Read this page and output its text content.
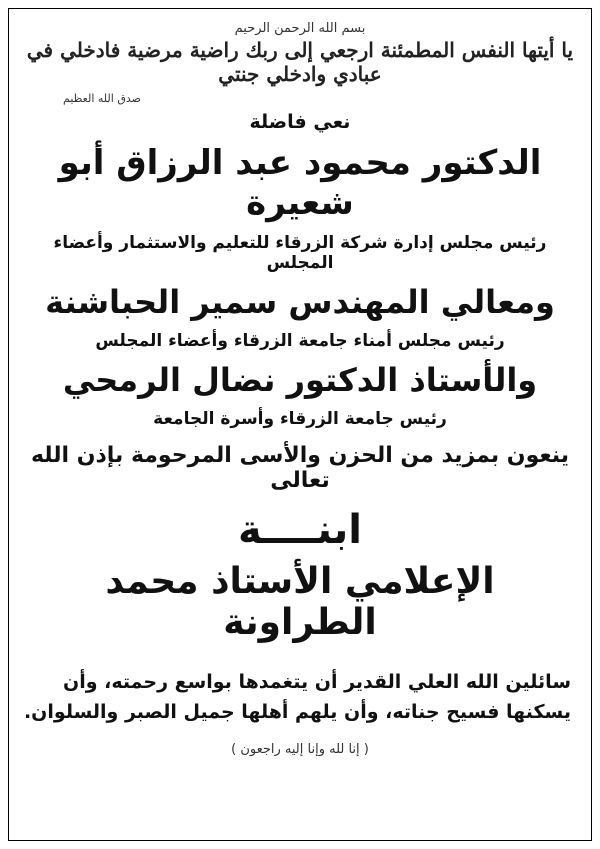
بسم الله الرحمن الرحيم
يا أيتها النفس المطمئنة ارجعي إلى ربك راضية مرضية فادخلي في عبادي وادخلي جنتي
صدق الله العظيم
نعي فاضلة
الدكتور محمود عبد الرزاق أبو شعيرة
رئيس مجلس إدارة شركة الزرقاء للتعليم والاستثمار وأعضاء المجلس
ومعالي المهندس سمير الحباشنة
رئيس مجلس أمناء جامعة الزرقاء وأعضاء المجلس
والأستاذ الدكتور نضال الرمحي
رئيس جامعة الزرقاء وأسرة الجامعة
ينعون بمزيد من الحزن والأسى المرحومة بإذن الله تعالى
ابنــــة
الإعلامي الأستاذ محمد الطراونة
سائلين الله العلي القدير أن يتغمدها بواسع رحمته، وأن يسكنها فسيح جناته، وأن يلهم أهلها جميل الصبر والسلوان.
( إنا لله وإنا إليه راجعون )
